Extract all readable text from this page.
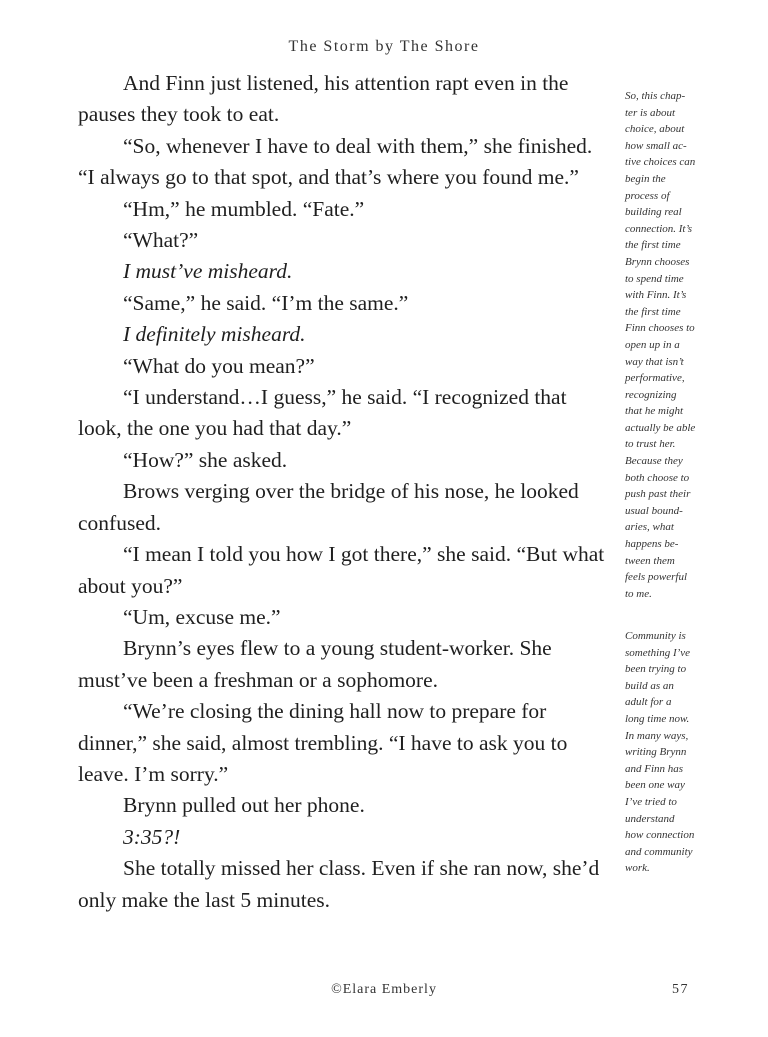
The Storm by The Shore

And Finn just listened, his attention rapt even in the pauses they took to eat.

“So, whenever I have to deal with them,” she finished. “I always go to that spot, and that’s where you found me.”

“Hm,” he mumbled. “Fate.”

“What?”

I must’ve misheard.

“Same,” he said. “I’m the same.”

I definitely misheard.

“What do you mean?”

“I understand…I guess,” he said. “I recognized that look, the one you had that day.”

“How?” she asked.

Brows verging over the bridge of his nose, he looked confused.

“I mean I told you how I got there,” she said. “But what about you?”

“Um, excuse me.”

Brynn’s eyes flew to a young student-worker. She must’ve been a freshman or a sophomore.

“We’re closing the dining hall now to prepare for dinner,” she said, almost trembling. “I have to ask you to leave. I’m sorry.”

Brynn pulled out her phone.

3:35?!

She totally missed her class. Even if she ran now, she’d only make the last 5 minutes.

So, this chap-
ter is about
choice, about
how small ac-
tive choices can
begin the
process of
building real
connection. It’s
the first time
Brynn chooses
to spend time
with Finn. It’s
the first time
Finn chooses to
open up in a
way that isn’t
performative,
recognizing
that he might
actually be able
to trust her.
Because they
both choose to
push past their
usual bound-
aries, what
happens be-
tween them
feels powerful
to me.
Community is
something I’ve
been trying to
build as an
adult for a
long time now.
In many ways,
writing Brynn
and Finn has
been one way
I’ve tried to
understand
how connection
and community
work.
©Elara Emberly	57
